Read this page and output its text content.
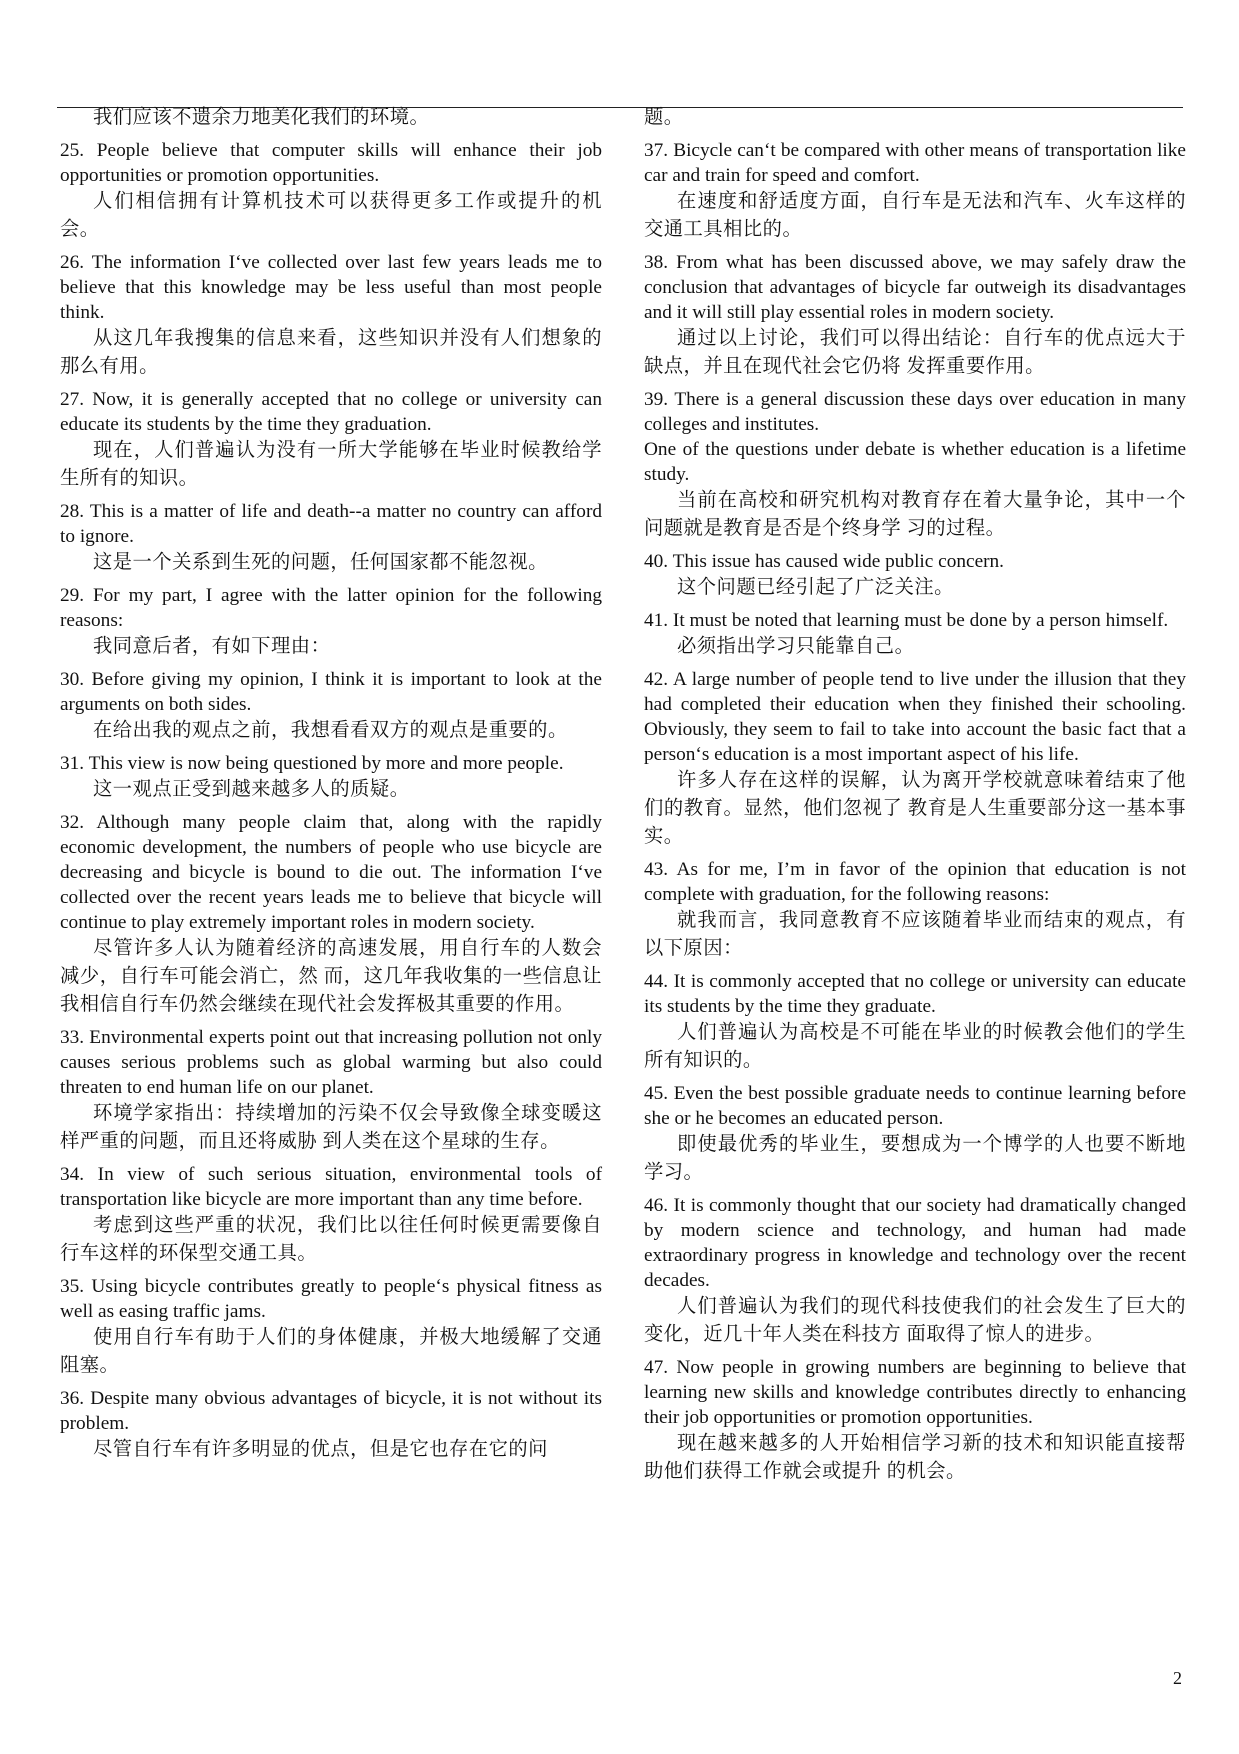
我们应该不遗余力地美化我们的环境。
25. People believe that computer skills will enhance their job opportunities or promotion opportunities.
人们相信拥有计算机技术可以获得更多工作或提升的机会。
26. The information I‘ve collected over last few years leads me to believe that this knowledge may be less useful than most people think.
从这几年我搜集的信息来看，这些知识并没有人们想象的那么有用。
27. Now, it is generally accepted that no college or university can educate its students by the time they graduation.
现在，人们普遍认为没有一所大学能够在毕业时候教给学生所有的知识。
28. This is a matter of life and death--a matter no country can afford to ignore.
这是一个关系到生死的问题，任何国家都不能忽视。
29. For my part, I agree with the latter opinion for the following reasons:
我同意后者，有如下理由：
30. Before giving my opinion, I think it is important to look at the arguments on both sides.
在给出我的观点之前，我想看看双方的观点是重要的。
31. This view is now being questioned by more and more people.
这一观点正受到越来越多人的质疑。
32. Although many people claim that, along with the rapidly economic development, the numbers of people who use bicycle are decreasing and bicycle is bound to die out. The information I‘ve collected over the recent years leads me to believe that bicycle will continue to play extremely important roles in modern society.
尽管许多人认为随着经济的高速发展，用自行车的人数会减少，自行车可能会消亡，然 而，这几年我收集的一些信息让我相信自行车仍然会继续在现代社会发挥极其重要的作用。
33. Environmental experts point out that increasing pollution not only causes serious problems such as global warming but also could threaten to end human life on our planet.
环境学家指出：持续增加的污染不仅会导致像全球变暖这样严重的问题，而且还将威胁 到人类在这个星球的生存。
34. In view of such serious situation, environmental tools of transportation like bicycle are more important than any time before.
考虑到这些严重的状况，我们比以往任何时候更需要像自行车这样的环保型交通工具。
35. Using bicycle contributes greatly to people‘s physical fitness as well as easing traffic jams.
使用自行车有助于人们的身体健康，并极大地缓解了交通阻塞。
36. Despite many obvious advantages of bicycle, it is not without its problem.
尽管自行车有许多明显的优点，但是它也存在它的问
题。
37. Bicycle can‘t be compared with other means of transportation like car and train for speed and comfort.
在速度和舒适度方面，自行车是无法和汽车、火车这样的交通工具相比的。
38. From what has been discussed above, we may safely draw the conclusion that advantages of bicycle far outweigh its disadvantages and it will still play essential roles in modern society.
通过以上讨论，我们可以得出结论：自行车的优点远大于缺点，并且在现代社会它仍将 发挥重要作用。
39. There is a general discussion these days over education in many colleges and institutes.
One of the questions under debate is whether education is a lifetime study.
当前在高校和研究机构对教育存在着大量争论，其中一个问题就是教育是否是个终身学 习的过程。
40. This issue has caused wide public concern.
这个问题已经引起了广泛关注。
41. It must be noted that learning must be done by a person himself.
必须指出学习只能靠自己。
42. A large number of people tend to live under the illusion that they had completed their education when they finished their schooling. Obviously, they seem to fail to take into account the basic fact that a person‘s education is a most important aspect of his life.
许多人存在这样的误解，认为离开学校就意味着结束了他们的教育。显然，他们忽视了 教育是人生重要部分这一基本事实。
43. As for me, I’m in favor of the opinion that education is not complete with graduation, for the following reasons:
就我而言，我同意教育不应该随着毕业而结束的观点，有以下原因：
44. It is commonly accepted that no college or university can educate its students by the time they graduate.
人们普遍认为高校是不可能在毕业的时候教会他们的学生所有知识的。
45. Even the best possible graduate needs to continue learning before she or he becomes an educated person.
即使最优秀的毕业生，要想成为一个博学的人也要不断地学习。
46. It is commonly thought that our society had dramatically changed by modern science and technology, and human had made extraordinary progress in knowledge and technology over the recent decades.
人们普遍认为我们的现代科技使我们的社会发生了巨大的变化，近几十年人类在科技方 面取得了惊人的进步。
47. Now people in growing numbers are beginning to believe that learning new skills and knowledge contributes directly to enhancing their job opportunities or promotion opportunities.
现在越来越多的人开始相信学习新的技术和知识能直接帮助他们获得工作就会或提升 的机会。
2
